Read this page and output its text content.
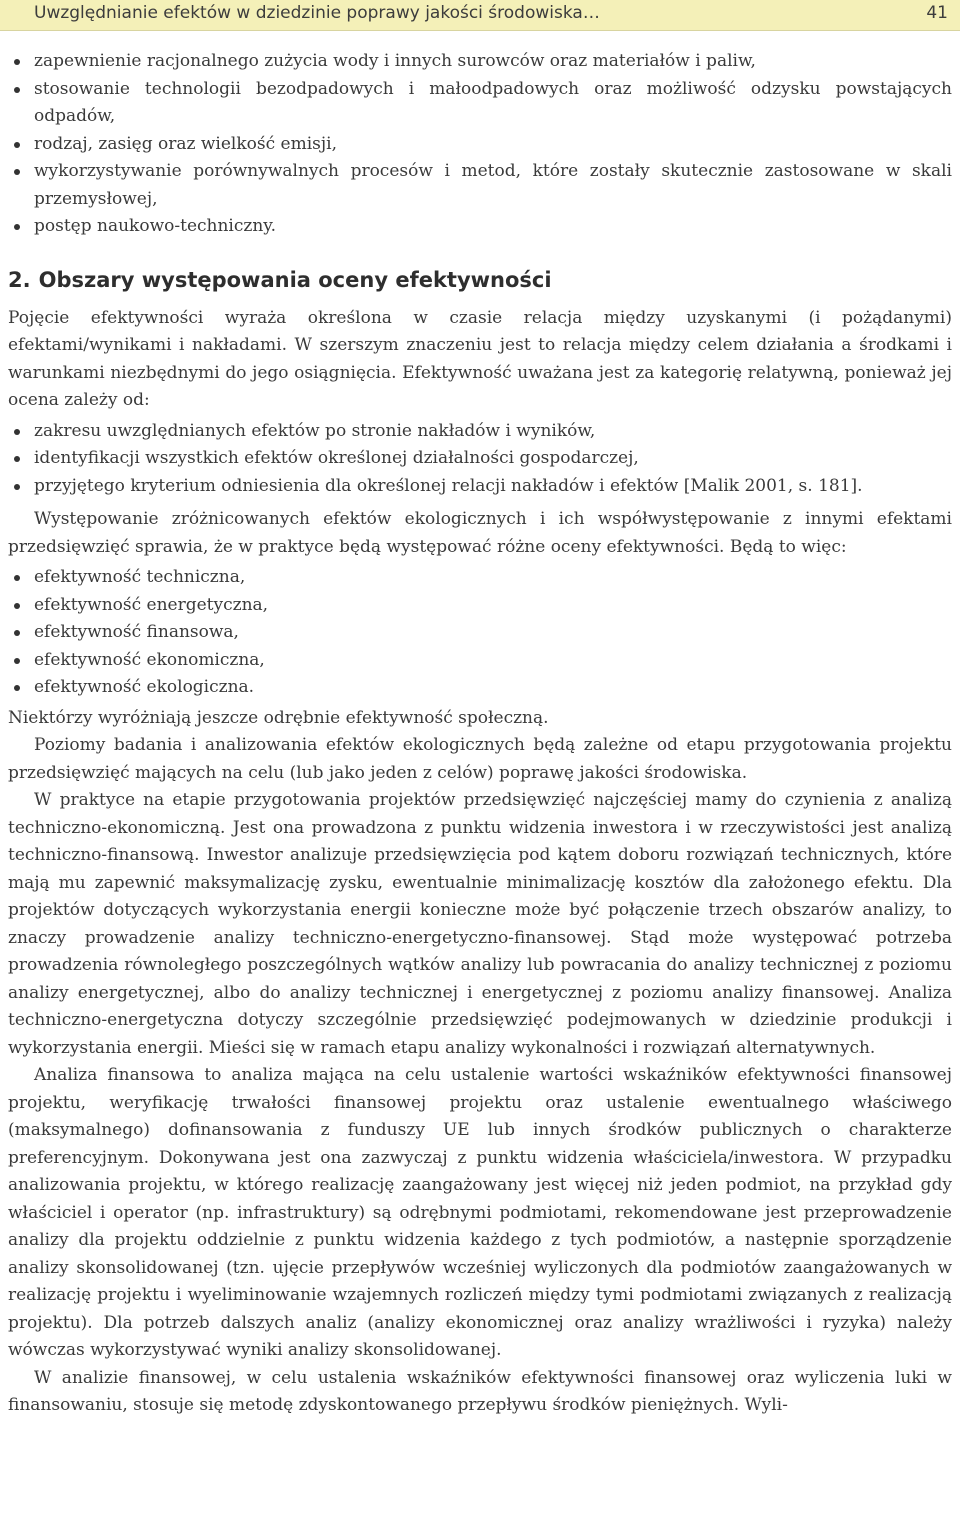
Uwzględnianie efektów w dziedzinie poprawy jakości środowiska…	41
zapewnienie racjonalnego zużycia wody i innych surowców oraz materiałów i paliw,
stosowanie technologii bezodpadowych i małoodpadowych oraz możliwość odzysku powstających odpadów,
rodzaj, zasięg oraz wielkość emisji,
wykorzystywanie porównywalnych procesów i metod, które zostały skutecznie zastosowane w skali przemysłowej,
postęp naukowo-techniczny.
2. Obszary występowania oceny efektywności

Pojęcie efektywności wyraża określona w czasie relacja między uzyskanymi (i pożądanymi) efektami/wynikami i nakładami. W szerszym znaczeniu jest to relacja między celem działania a środkami i warunkami niezbędnymi do jego osiągnięcia. Efektywność uważana jest za kategorię relatywną, ponieważ jej ocena zależy od:

zakresu uwzględnianych efektów po stronie nakładów i wyników,
identyfikacji wszystkich efektów określonej działalności gospodarczej,
przyjętego kryterium odniesienia dla określonej relacji nakładów i efektów [Malik 2001, s. 181].

Występowanie zróżnicowanych efektów ekologicznych i ich współwystępowanie z innymi efektami przedsięwzięć sprawia, że w praktyce będą występować różne oceny efektywności. Będą to więc:

efektywność techniczna,
efektywność energetyczna,
efektywność finansowa,
efektywność ekonomiczna,
efektywność ekologiczna.

Niektórzy wyróżniają jeszcze odrębnie efektywność społeczną.

Poziomy badania i analizowania efektów ekologicznych będą zależne od etapu przygotowania projektu przedsięwzięć mających na celu (lub jako jeden z celów) poprawę jakości środowiska.

W praktyce na etapie przygotowania projektów przedsięwzięć najczęściej mamy do czynienia z analizą techniczno-ekonomiczną. Jest ona prowadzona z punktu widzenia inwestora i w rzeczywistości jest analizą techniczno-finansową. Inwestor analizuje przedsięwzięcia pod kątem doboru rozwiązań technicznych, które mają mu zapewnić maksymalizację zysku, ewentualnie minimalizację kosztów dla założonego efektu. Dla projektów dotyczących wykorzystania energii konieczne może być połączenie trzech obszarów analizy, to znaczy prowadzenie analizy techniczno-energetyczno-finansowej. Stąd może występować potrzeba prowadzenia równoległego poszczególnych wątków analizy lub powracania do analizy technicznej z poziomu analizy energetycznej, albo do analizy technicznej i energetycznej z poziomu analizy finansowej. Analiza techniczno-energetyczna dotyczy szczególnie przedsięwzięć podejmowanych w dziedzinie produkcji i wykorzystania energii. Mieści się w ramach etapu analizy wykonalności i rozwiązań alternatywnych.

Analiza finansowa to analiza mająca na celu ustalenie wartości wskaźników efektywności finansowej projektu, weryfikację trwałości finansowej projektu oraz ustalenie ewentualnego właściwego (maksymalnego) dofinansowania z funduszy UE lub innych środków publicznych o charakterze preferencyjnym. Dokonywana jest ona zazwyczaj z punktu widzenia właściciela/inwestora. W przypadku analizowania projektu, w którego realizację zaangażowany jest więcej niż jeden podmiot, na przykład gdy właściciel i operator (np. infrastruktury) są odrębnymi podmiotami, rekomendowane jest przeprowadzenie analizy dla projektu oddzielnie z punktu widzenia każdego z tych podmiotów, a następnie sporządzenie analizy skonsolidowanej (tzn. ujęcie przepływów wcześniej wyliczonych dla podmiotów zaangażowanych w realizację projektu i wyeliminowanie wzajemnych rozliczeń między tymi podmiotami związanych z realizacją projektu). Dla potrzeb dalszych analiz (analizy ekonomicznej oraz analizy wrażliwości i ryzyka) należy wówczas wykorzystywać wyniki analizy skonsolidowanej.

W analizie finansowej, w celu ustalenia wskaźników efektywności finansowej oraz wyliczenia luki w finansowaniu, stosuje się metodę zdyskontowanego przepływu środków pieniężnych. Wyli-
